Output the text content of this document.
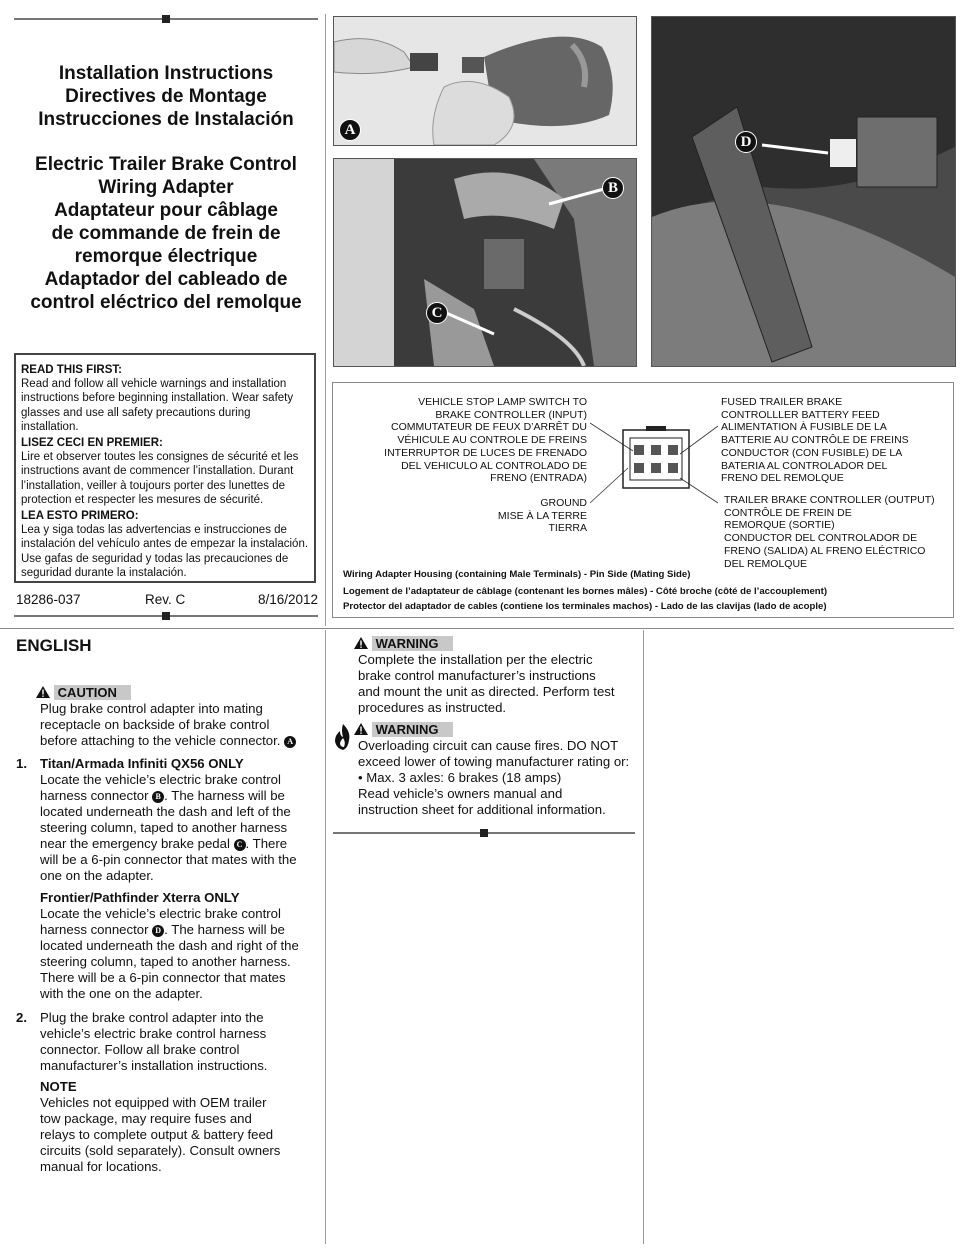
Installation Instructions
Directives de Montage
Instrucciones de Instalación
Electric Trailer Brake Control
Wiring Adapter
Adaptateur pour câblage
de commande de frein de
remorque électrique
Adaptador del cableado de
control eléctrico del remolque
READ THIS FIRST:
Read and follow all vehicle warnings and installation instructions before beginning installation. Wear safety glasses and use all safety precautions during installation.
LISEZ CECI EN PREMIER:
Lire et observer toutes les consignes de sécurité et les instructions avant de commencer l’installation. Durant l’installation, veiller à toujours porter des lunettes de protection et respecter les mesures de sécurité.
LEA ESTO PRIMERO:
Lea y siga todas las advertencias e instrucciones de instalación del vehículo antes de empezar la instalación. Use gafas de seguridad y todas las precauciones de seguridad durante la instalación.
18286-037	Rev. C	8/16/2012
A
B
C
D
VEHICLE STOP LAMP SWITCH TO
BRAKE CONTROLLER (INPUT)
COMMUTATEUR DE FEUX D’ARRÊT DU
VÉHICULE AU CONTROLE DE FREINS
INTERRUPTOR DE LUCES DE FRENADO
DEL VEHICULO AL CONTROLADO DE
FRENO (ENTRADA)
GROUND
MISE À LA TERRE
TIERRA
FUSED TRAILER BRAKE
CONTROLLLER BATTERY FEED
ALIMENTATION À FUSIBLE DE LA
BATTERIE AU CONTRÔLE DE FREINS
CONDUCTOR (CON FUSIBLE) DE LA
BATERIA AL CONTROLADOR DEL
FRENO DEL REMOLQUE
TRAILER BRAKE CONTROLLER (OUTPUT)
CONTRÔLE DE FREIN DE
REMORQUE (SORTIE)
CONDUCTOR DEL CONTROLADOR DE
FRENO (SALIDA) AL FRENO ELÉCTRICO
DEL REMOLQUE
Wiring Adapter Housing (containing Male Terminals) - Pin Side (Mating Side)
Logement de l’adaptateur de câblage (contenant les bornes mâles) - Côté broche (côté de l’accouplement)
Protector del adaptador de cables (contiene los terminales machos) - Lado de las clavijas (lado de acople)
ENGLISH
CAUTION
Plug brake control adapter into mating
receptacle on backside of brake control
before attaching to the vehicle connector. A
1. Titan/Armada Infiniti QX56 ONLY
Locate the vehicle’s electric brake control
harness connector B . The harness will be
located underneath the dash and left of the
steering column, taped to another harness
near the emergency brake pedal C . There
will be a 6-pin connector that mates with the
one on the adapter.
Frontier/Pathfinder Xterra ONLY
Locate the vehicle’s electric brake control
harness connector D . The harness will be
located underneath the dash and right of the
steering column, taped to another harness.
There will be a 6-pin connector that mates
with the one on the adapter.
2. Plug the brake control adapter into the
vehicle’s electric brake control harness
connector. Follow all brake control
manufacturer’s installation instructions.
NOTE
Vehicles not equipped with OEM trailer
tow package, may require fuses and
relays to complete output & battery feed
circuits (sold separately). Consult owners
manual for locations.
WARNING
Complete the installation per the electric
brake control manufacturer’s instructions
and mount the unit as directed. Perform test
procedures as instructed.
WARNING
Overloading circuit can cause fires. DO NOT
exceed lower of towing manufacturer rating or:
• Max. 3 axles: 6 brakes (18 amps)
Read vehicle’s owners manual and
instruction sheet for additional information.
